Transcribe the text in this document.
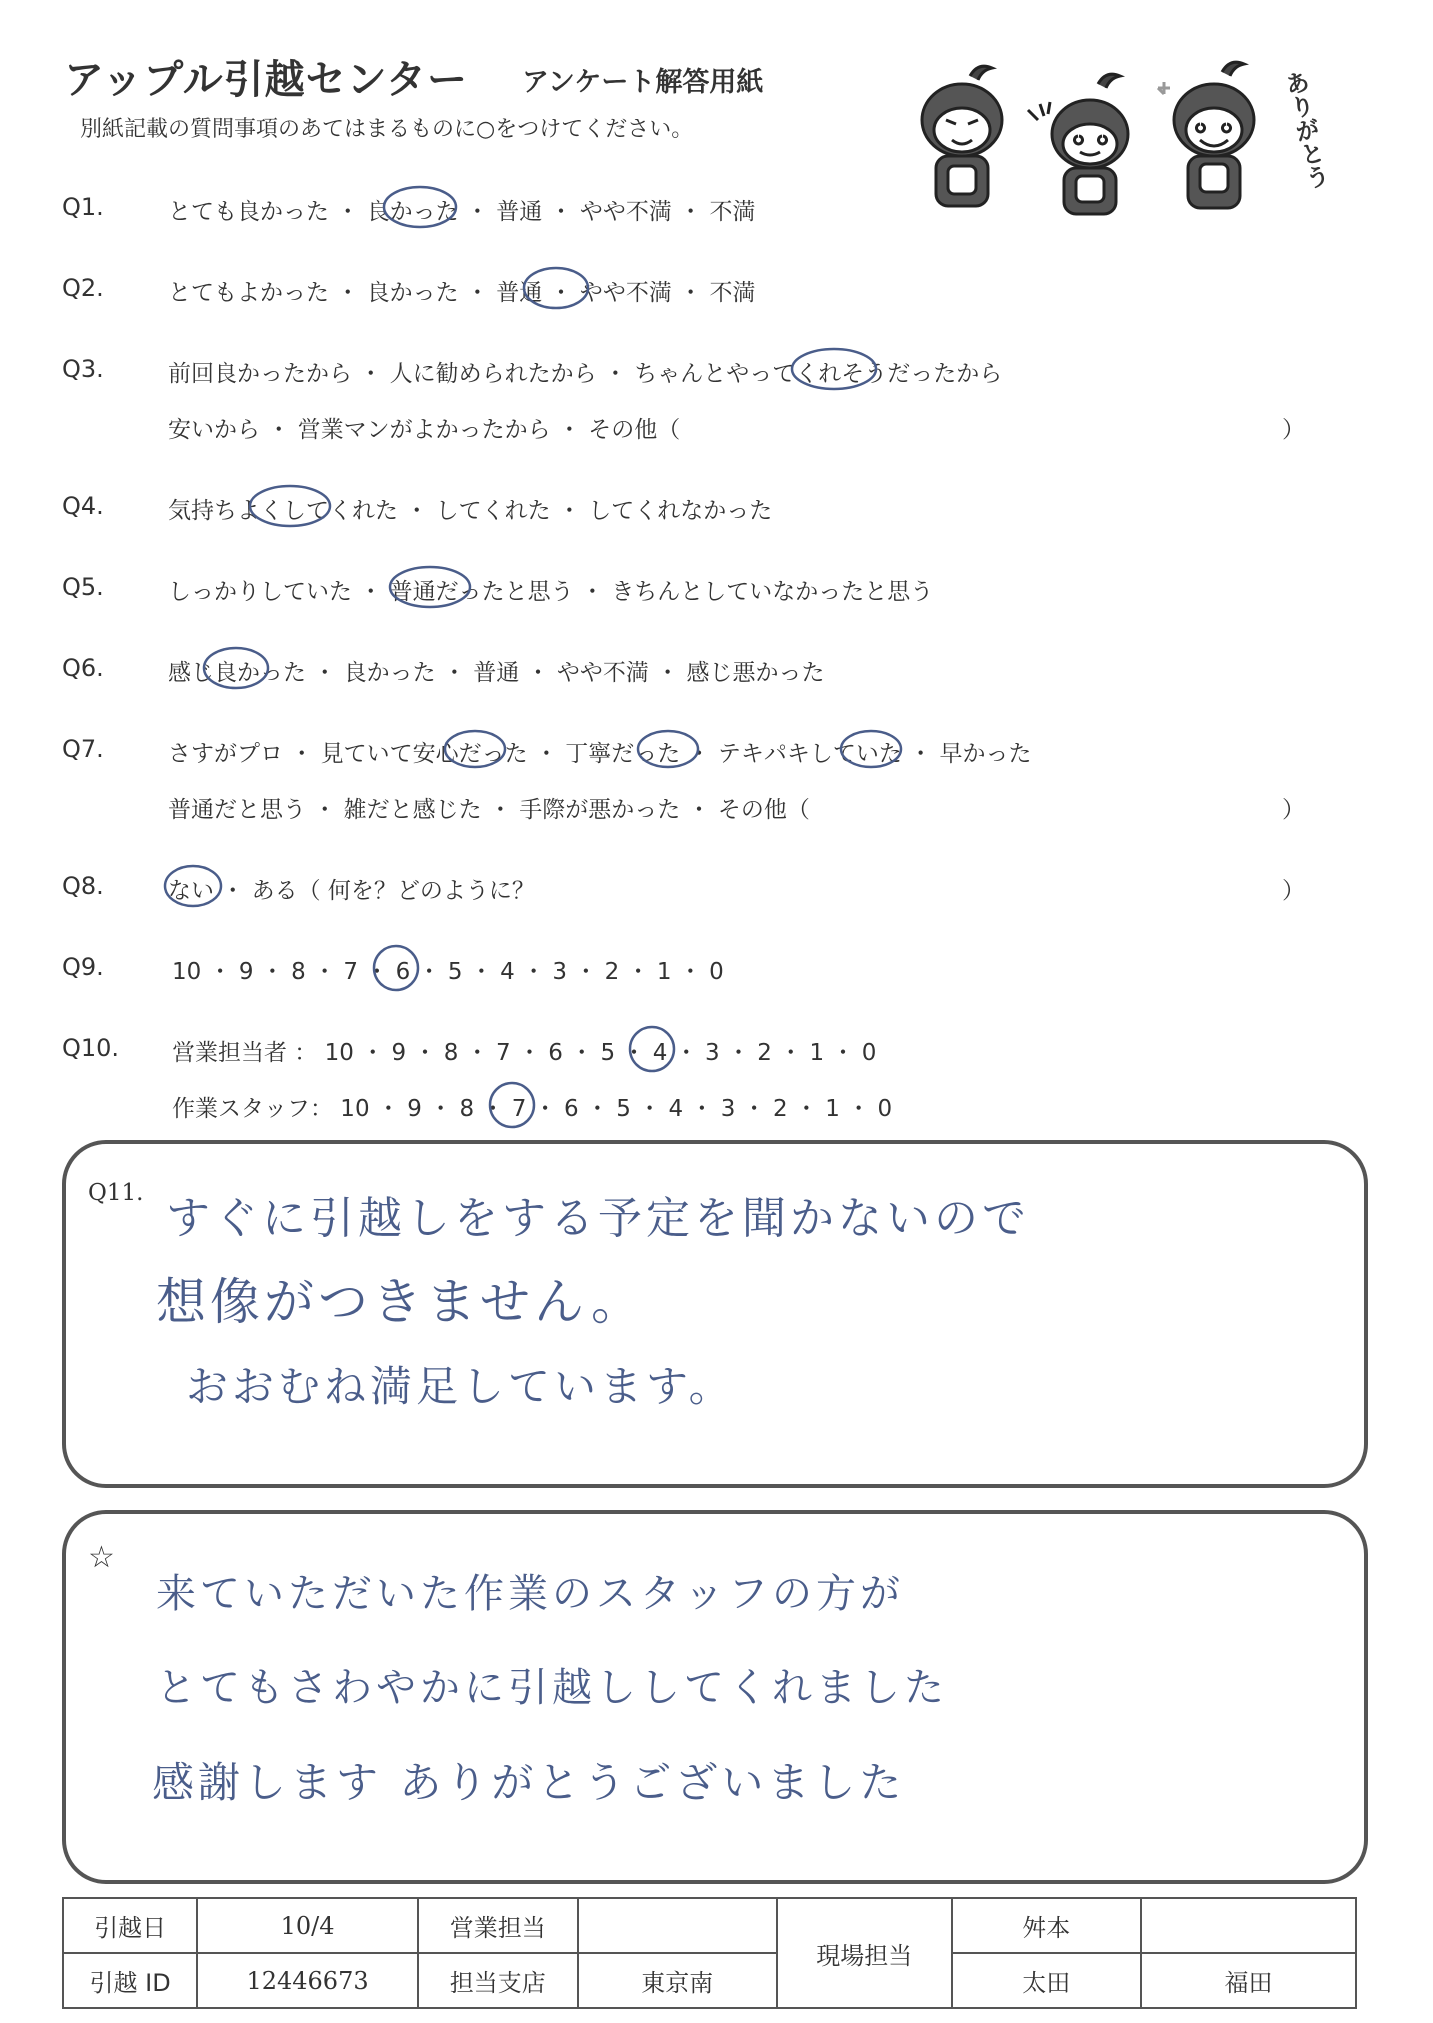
アップル引越センター アンケート解答用紙
別紙記載の質問事項のあてはまるものに○をつけてください。	ありがとう
Q1.	とても良かった ・ 良かった ・ 普通 ・ やや不満 ・ 不満
Q2.	とてもよかった ・ 良かった ・ 普通 ・ やや不満 ・ 不満
Q3.	前回良かったから ・ 人に勧められたから ・ ちゃんとやってくれそうだったから
安いから ・ 営業マンがよかったから ・ その他（	）
Q4.	気持ちよくしてくれた ・ してくれた ・ してくれなかった
Q5.	しっかりしていた ・ 普通だったと思う ・ きちんとしていなかったと思う
Q6.	感じ良かった ・ 良かった ・ 普通 ・ やや不満 ・ 感じ悪かった
Q7.	さすがプロ ・ 見ていて安心だった ・ 丁寧だった ・ テキパキしていた ・ 早かった
普通だと思う ・ 雑だと感じた ・ 手際が悪かった ・ その他（	）
Q8.	ない ・ ある（ 何を？どのように？	）
Q9.	10 ・ 9 ・ 8 ・ 7 ・ 6 ・ 5 ・ 4 ・ 3 ・ 2 ・ 1 ・ 0
Q10. 営業担当者 ： 10 ・ 9 ・ 8 ・ 7 ・ 6 ・ 5 ・ 4 ・ 3 ・ 2 ・ 1 ・ 0
作業スタッフ： 10 ・ 9 ・ 8 ・ 7 ・ 6 ・ 5 ・ 4 ・ 3 ・ 2 ・ 1 ・ 0
Q11. すぐに引越しをする予定を聞かないので
想像がつきません。
おおむね満足しています。
☆
来ていただいた作業のスタッフの方が
とてもさわやかに引越ししてくれました
感謝します ありがとうございました
引越日	10/4	営業担当		現場担当	舛本	
引越 ID	12446673	担当支店	東京南		太田	福田
